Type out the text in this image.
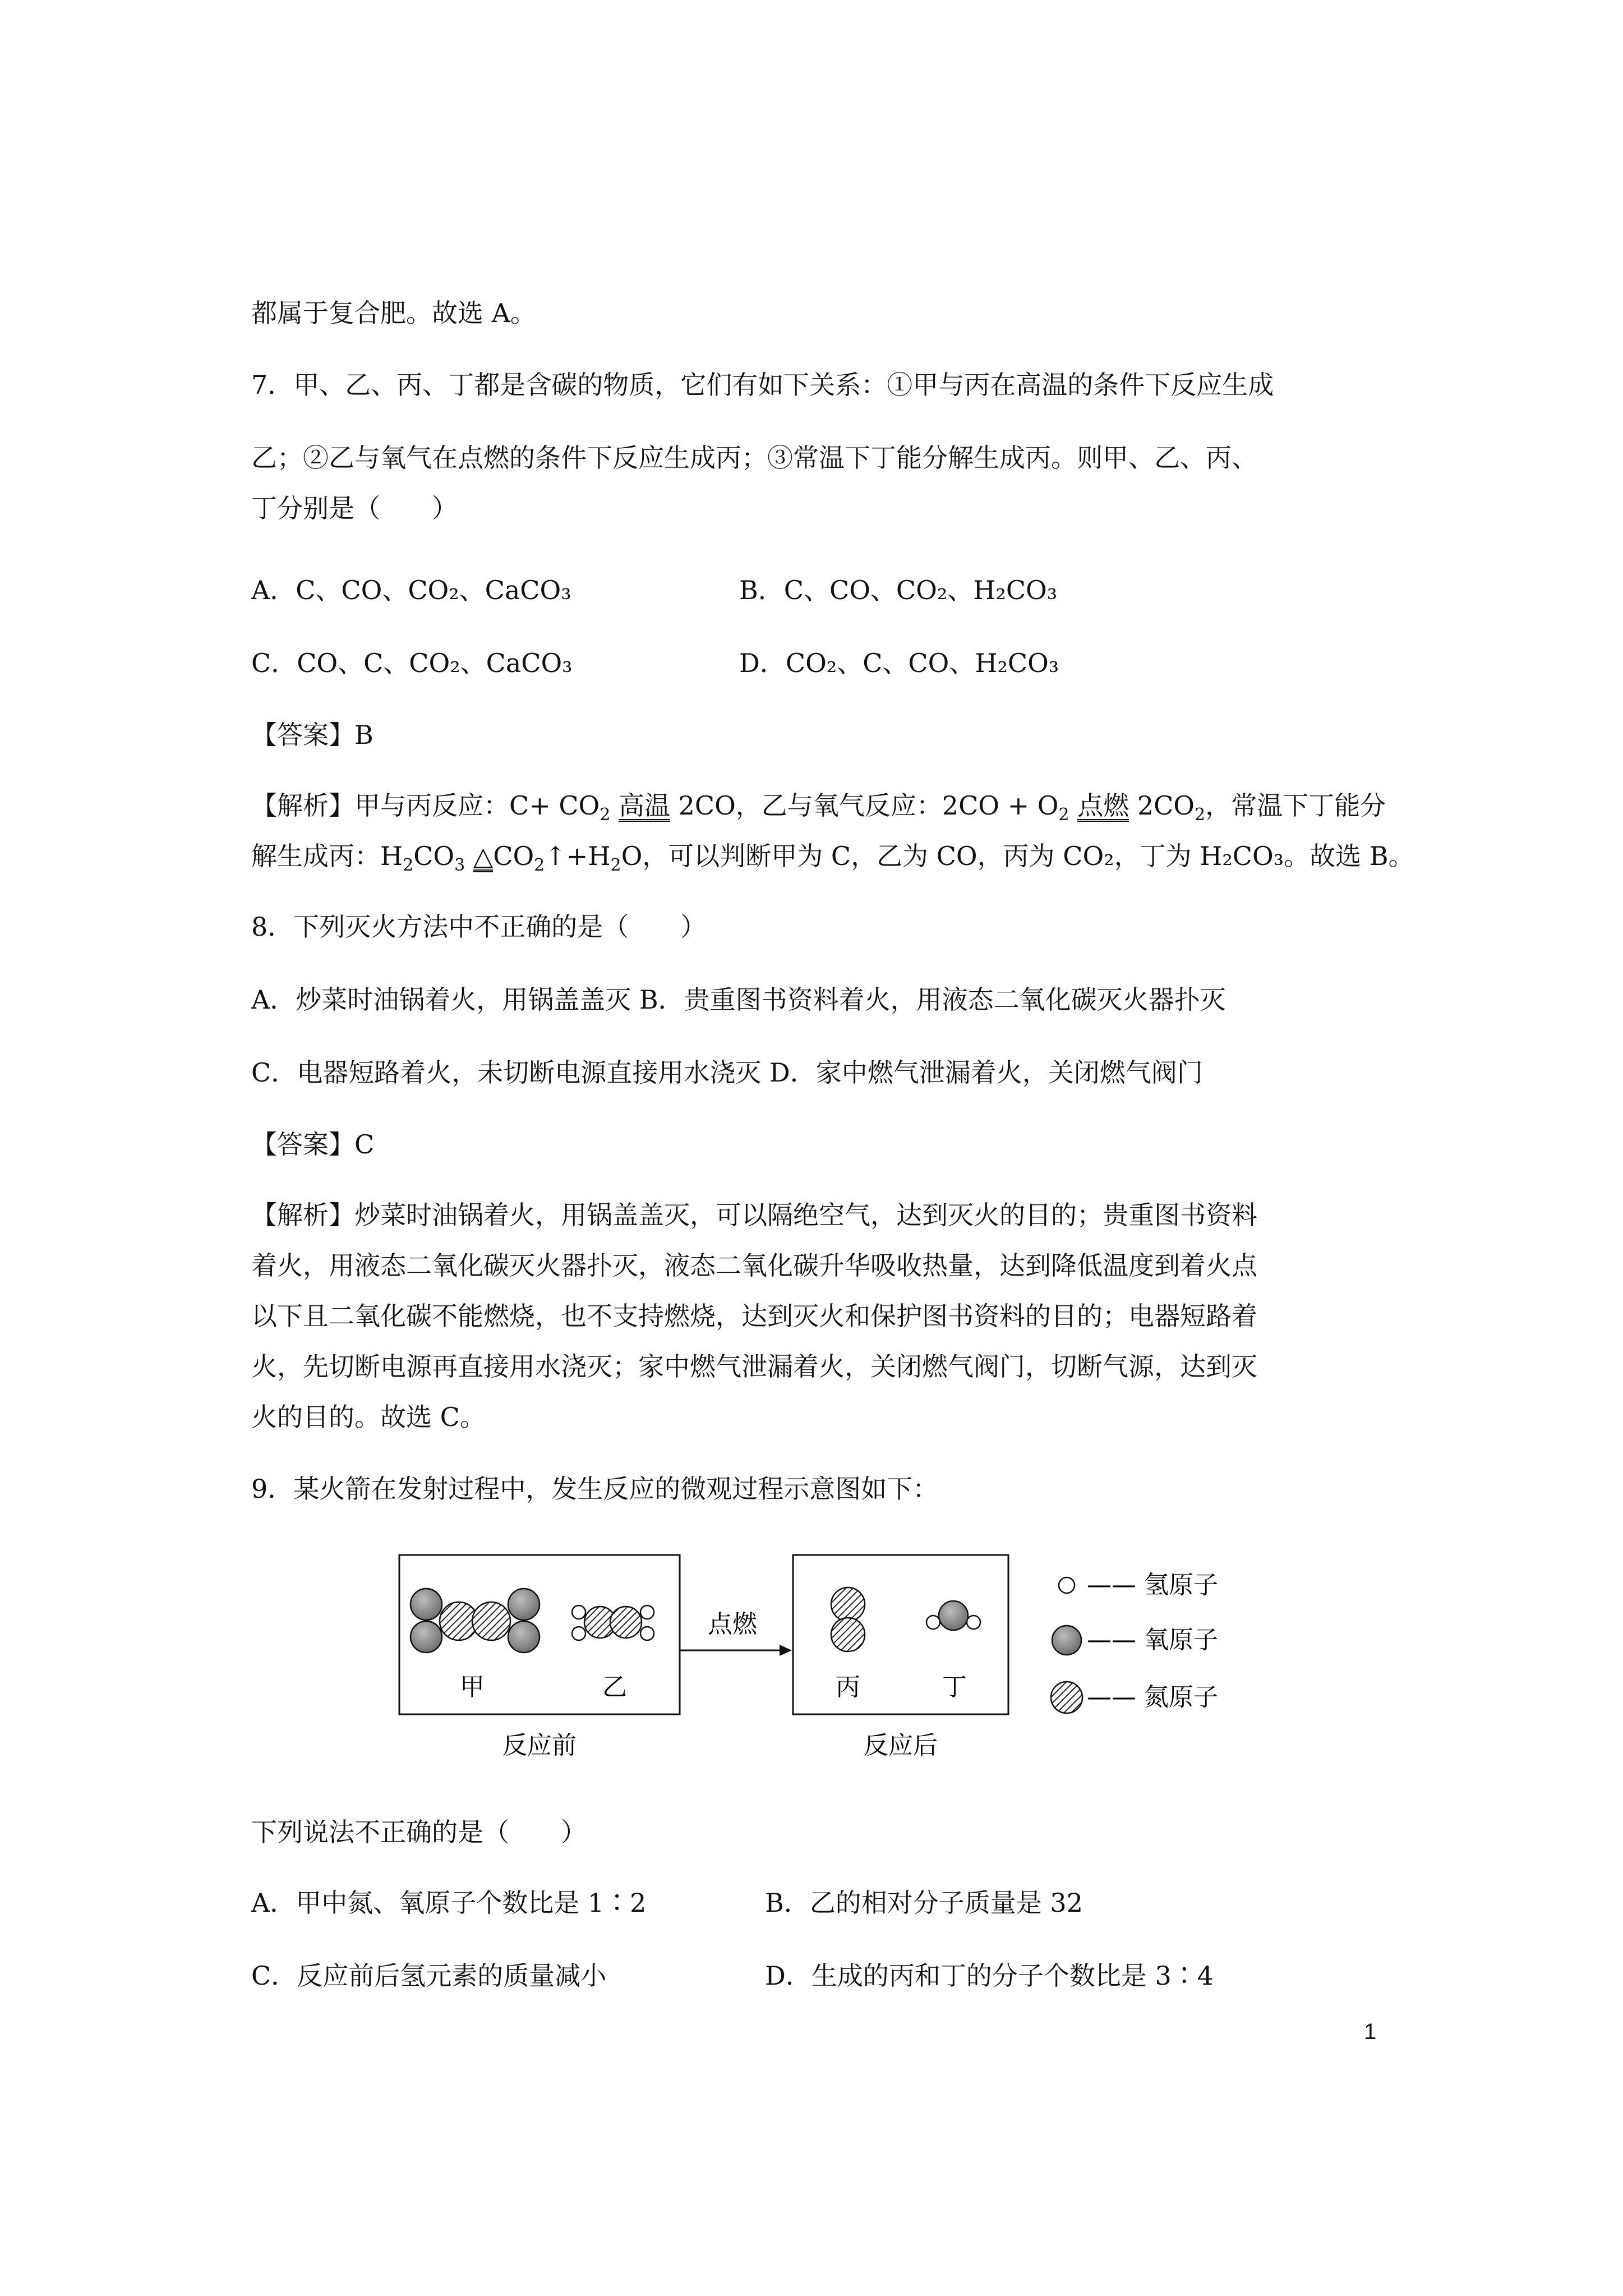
都属于复合肥。故选 A。
7．甲、乙、丙、丁都是含碳的物质，它们有如下关系：①甲与丙在高温的条件下反应生成
乙；②乙与氧气在点燃的条件下反应生成丙；③常温下丁能分解生成丙。则甲、乙、丙、
丁分别是（　　）
A．C、CO、CO₂、CaCO₃	B．C、CO、CO₂、H₂CO₃
C．CO、C、CO₂、CaCO₃	D．CO₂、C、CO、H₂CO₃
【答案】B
【解析】甲与丙反应：$C+ CO_2$ 高温 2CO，乙与氧气反应：$2CO + O_2$ 点燃 $2CO_2$，常温下丁能分
解生成丙：$H_2CO_3$ $\triangle CO_2↑+H_2O$，可以判断甲为 C，乙为 CO，丙为 CO₂，丁为 H₂CO₃。故选 B。
8．下列灭火方法中不正确的是（　　）
A．炒菜时油锅着火，用锅盖盖灭 B．贵重图书资料着火，用液态二氧化碳灭火器扑灭
C．电器短路着火，未切断电源直接用水浇灭 D．家中燃气泄漏着火，关闭燃气阀门
【答案】C
【解析】炒菜时油锅着火，用锅盖盖灭，可以隔绝空气，达到灭火的目的；贵重图书资料
着火，用液态二氧化碳灭火器扑灭，液态二氧化碳升华吸收热量，达到降低温度到着火点
以下且二氧化碳不能燃烧，也不支持燃烧，达到灭火和保护图书资料的目的；电器短路着
火，先切断电源再直接用水浇灭；家中燃气泄漏着火，关闭燃气阀门，切断气源，达到灭
火的目的。故选 C。
9．某火箭在发射过程中，发生反应的微观过程示意图如下：
甲	乙
反应前
点燃
丙	丁
反应后
—— 氢原子
—— 氧原子
—— 氮原子
下列说法不正确的是（　　）
A．甲中氮、氧原子个数比是 1∶2	B．乙的相对分子质量是 32
C．反应前后氢元素的质量减小	D．生成的丙和丁的分子个数比是 3∶4
1
